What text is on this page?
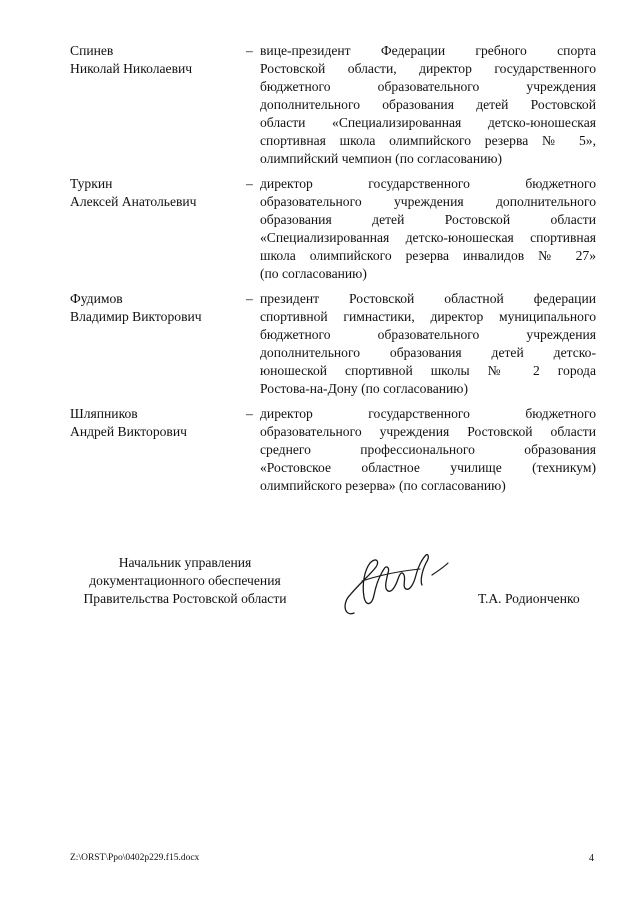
Спинев
Николай Николаевич
– вице-президент Федерации гребного спорта
Ростовской области, директор государственного
бюджетного образовательного учреждения
дополнительного образования детей Ростовской
области «Специализированная детско-юношеская
спортивная школа олимпийского резерва № 5»,
олимпийский чемпион (по согласованию)
Туркин
Алексей Анатольевич
– директор государственного бюджетного
образовательного учреждения дополнительного
образования детей Ростовской области
«Специализированная детско-юношеская спортивная
школа олимпийского резерва инвалидов № 27»
(по согласованию)
Фудимов
Владимир Викторович
– президент Ростовской областной федерации
спортивной гимнастики, директор муниципального
бюджетного образовательного учреждения
дополнительного образования детей детско-
юношеской спортивной школы № 2 города
Ростова-на-Дону (по согласованию)
Шляпников
Андрей Викторович
– директор государственного бюджетного
образовательного учреждения Ростовской области
среднего профессионального образования
«Ростовское областное училище (техникум)
олимпийского резерва» (по согласованию)
Начальник управления
документационного обеспечения
Правительства Ростовской области	Т.А. Родионченко
Z:\ORST\Ppo\0402p229.f15.docx	4
